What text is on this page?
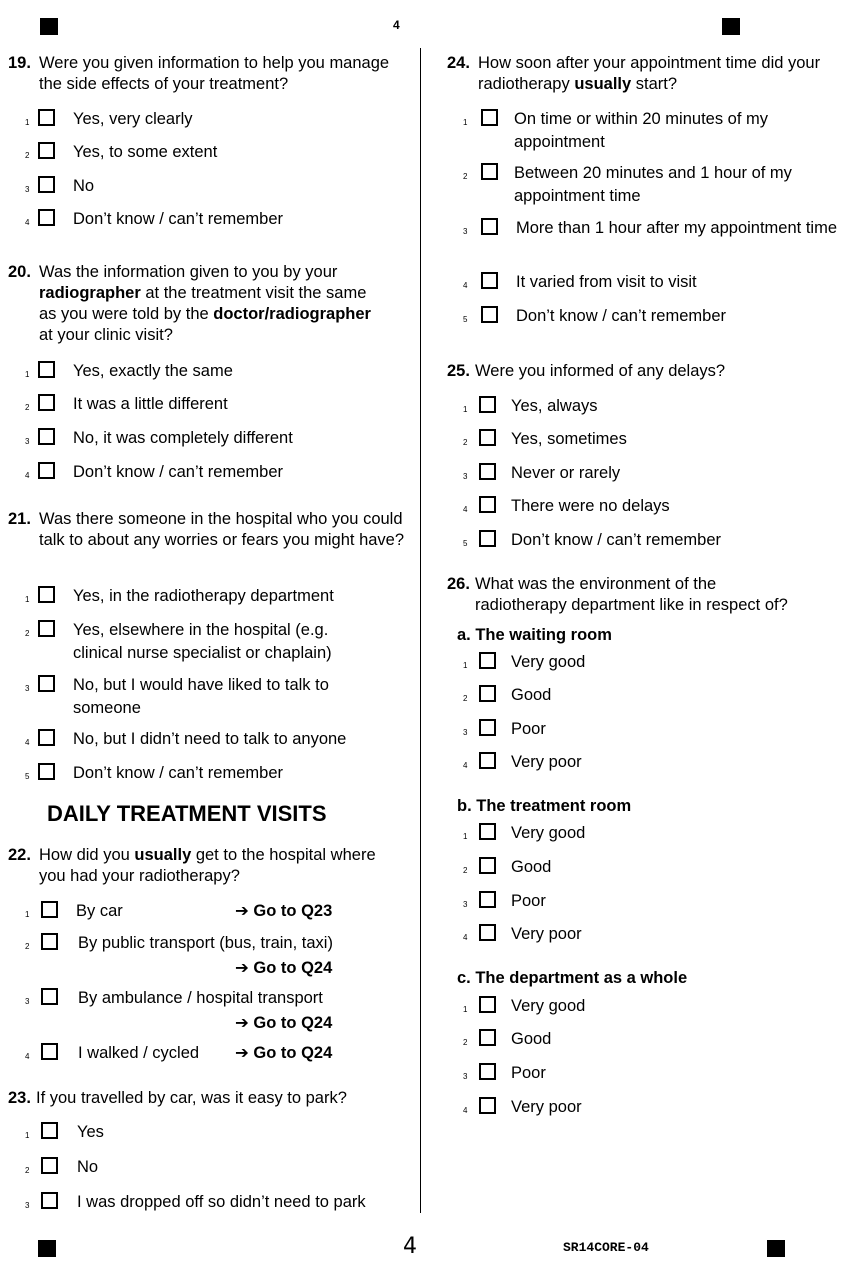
4
19. Were you given information to help you manage the side effects of your treatment?
1	Yes, very clearly
2	Yes, to some extent
3	No
4	Don’t know / can’t remember
20. Was the information given to you by your radiographer at the treatment visit the same as you were told by the doctor/radiographer at your clinic visit?
1	Yes, exactly the same
2	It was a little different
3	No, it was completely different
4	Don’t know / can’t remember
21. Was there someone in the hospital who you could talk to about any worries or fears you might have?
1	Yes, in the radiotherapy department
2	Yes, elsewhere in the hospital (e.g. clinical nurse specialist or chaplain)
3	No, but I would have liked to talk to someone
4	No, but I didn’t need to talk to anyone
5	Don’t know / can’t remember
DAILY TREATMENT VISITS
22. How did you usually get to the hospital where you had your radiotherapy?
1	By car	➔ Go to Q23
2	By public transport (bus, train, taxi)
➔ Go to Q24
3	By ambulance / hospital transport
➔ Go to Q24
4	I walked / cycled	➔ Go to Q24
23. If you travelled by car, was it easy to park?
1	Yes
2	No
3	I was dropped off so didn’t need to park
24. How soon after your appointment time did your radiotherapy usually start?
1	On time or within 20 minutes of my appointment
2	Between 20 minutes and 1 hour of my appointment time
3	More than 1 hour after my appointment time
4	It varied from visit to visit
5	Don’t know / can’t remember
25. Were you informed of any delays?
1	Yes, always
2	Yes, sometimes
3	Never or rarely
4	There were no delays
5	Don’t know / can’t remember
26. What was the environment of the radiotherapy department like in respect of?
a. The waiting room
1	Very good
2	Good
3	Poor
4	Very poor
b. The treatment room
1	Very good
2	Good
3	Poor
4	Very poor
c. The department as a whole
1	Very good
2	Good
3	Poor
4	Very poor
4	SR14CORE-04
